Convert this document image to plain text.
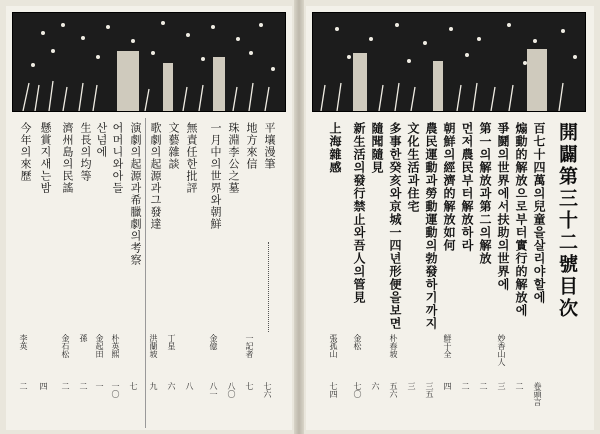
平壤漫筆
七六
地方來信
一記者
七
珠淵李公之墓
八〇
一月中의世界와朝鮮
金億
八一
無責任한批評
八
文藝雜談
丁星
六
歌劇의起源과그發達
洪蘭坡
九
演劇의起源과希臘劇의考察
七
어머니와아들
朴英熙
一〇
산넘에
金起田
一
生長의均等
孫
二
濟州島의民謠
金石松
二
懸賞지새는밤
四
今年의來歷
李英
二
開闢第三十二號目次
百七十四萬의兒童을살리야할에
卷頭言
煽動的解放으로부터實行的解放에
二
爭鬪의世界에서扶助의世界에
妙香山人
三
第一의解放과第二의解放
二
먼저農民부터解放하라
二
朝鮮의經濟的解放如何
鮮于全
四
農民運動과勞動運動의勃發하기까지
三五
文化生活과住宅
三
多事한癸亥와京城一四년形便을보면
朴春坡
五六
隨聞隨見
六
新生活의發行禁止와吾人의管見
金松
七〇
上海雜感
張孤山
七四
